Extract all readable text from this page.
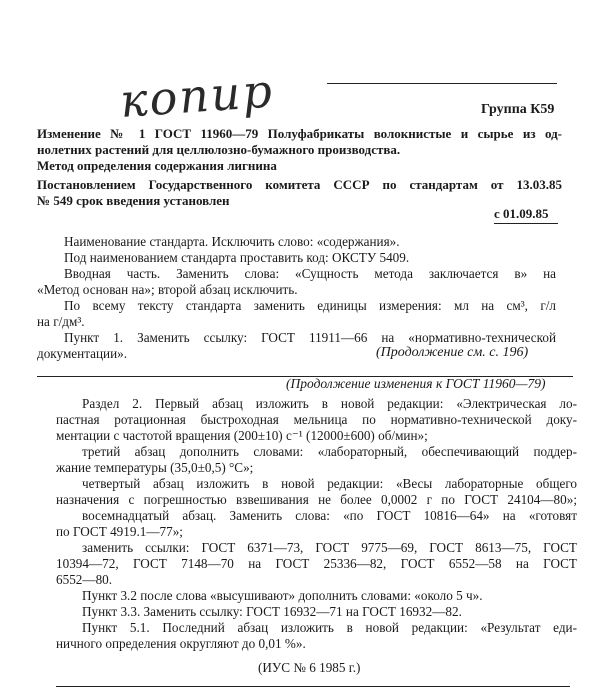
копир	Группа К59
Изменение № 1 ГОСТ 11960—79 Полуфабрикаты волокнистые и сырье из од-
нолетних растений для целлюлозно-бумажного производства.
Метод определения содержания лигнина
Постановлением Государственного комитета СССР по стандартам от 13.03.85
№ 549 срок введения установлен
с 01.09.85
Наименование стандарта. Исключить слово: «содержания».
Под наименованием стандарта проставить код: ОКСТУ 5409.
Вводная часть. Заменить слова: «Сущность метода заключается в» на
«Метод основан на»; второй абзац исключить.
По всему тексту стандарта заменить единицы измерения: мл на см³, г/л
на г/дм³.
Пункт 1. Заменить ссылку: ГОСТ 11911—66 на «нормативно-технической
документации».	(Продолжение см. с. 196)
(Продолжение изменения к ГОСТ 11960—79)
Раздел 2. Первый абзац изложить в новой редакции: «Электрическая ло-
пастная ротационная быстроходная мельница по нормативно-технической доку-
ментации с частотой вращения (200±10) с⁻¹ (12000±600) об/мин»;
третий абзац дополнить словами: «лабораторный, обеспечивающий поддер-
жание температуры (35,0±0,5) °С»;
четвертый абзац изложить в новой редакции: «Весы лабораторные общего
назначения с погрешностью взвешивания не более 0,0002 г по ГОСТ 24104—80»;
восемнадцатый абзац. Заменить слова: «по ГОСТ 10816—64» на «готовят
по ГОСТ 4919.1—77»;
заменить ссылки: ГОСТ 6371—73, ГОСТ 9775—69, ГОСТ 8613—75, ГОСТ
10394—72, ГОСТ 7148—70 на ГОСТ 25336—82, ГОСТ 6552—58 на ГОСТ
6552—80.
Пункт 3.2 после слова «высушивают» дополнить словами: «около 5 ч».
Пункт 3.3. Заменить ссылку: ГОСТ 16932—71 на ГОСТ 16932—82.
Пункт 5.1. Последний абзац изложить в новой редакции: «Результат еди-
ничного определения округляют до 0,01 %».
(ИУС № 6 1985 г.)
